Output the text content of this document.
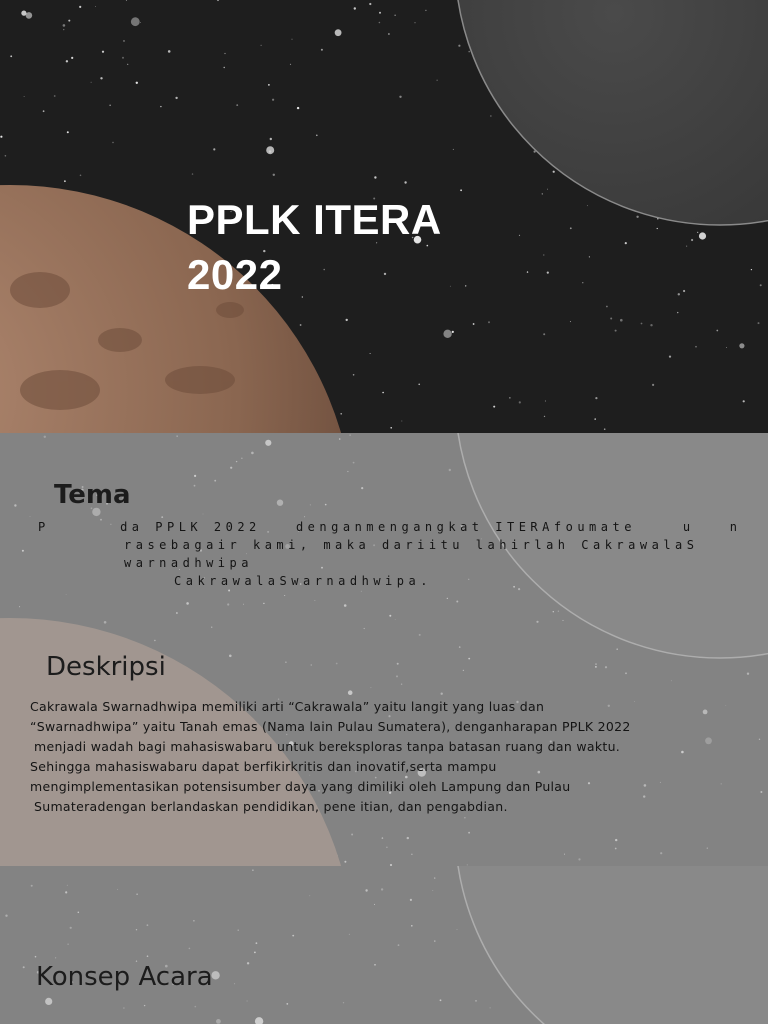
PPLK ITERA
2022
Tema

P      da PPLK 2022   denganmengangkat ITERAfoumate    u   n

rasebagair kami, maka dariitu lahirlah CakrawalaS

warnadhwipa

CakrawalaSwarnadhwipa.

Deskripsi

Cakrawala Swarnadhwipa memiliki arti “Cakrawala” yaitu langit yang luas dan

“Swarnadhwipa” yaitu Tanah emas (Nama lain Pulau Sumatera), denganharapan PPLK 2022

menjadi wadah bagi mahasiswabaru untuk bereksploras tanpa batasan ruang dan waktu.

Sehingga mahasiswabaru dapat berfikirkritis dan inovatif,serta mampu

mengimplementasikan potensisumber daya yang dimiliki oleh Lampung dan Pulau

Sumateradengan berlandaskan pendidikan, pene itian, dan pengabdian.

Konsep Acara
